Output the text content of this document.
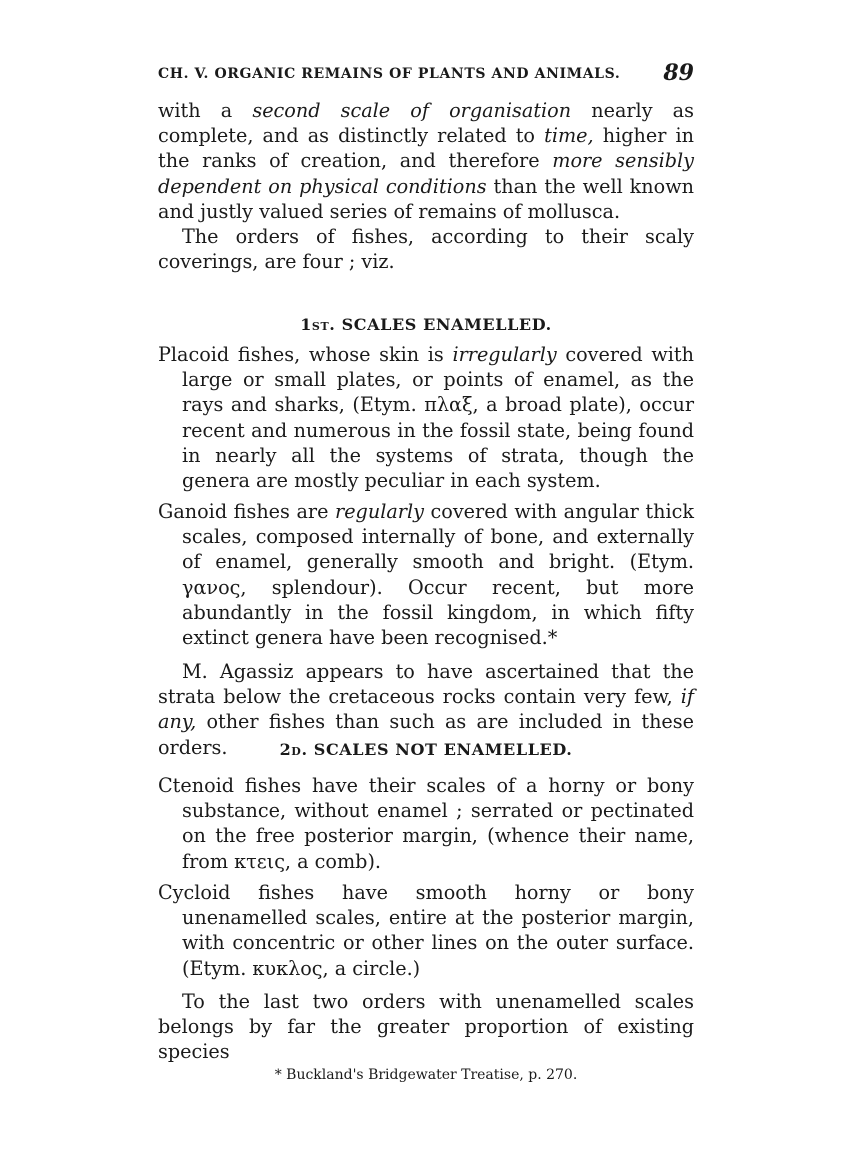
CH. V. ORGANIC REMAINS OF PLANTS AND ANIMALS. 89

with a second scale of organisation nearly as complete, and as distinctly related to time, higher in the ranks of creation, and therefore more sensibly dependent on physical conditions than the well known and justly valued series of remains of mollusca.

The orders of fishes, according to their scaly coverings, are four ; viz.

1st. SCALES ENAMELLED.

Placoid fishes, whose skin is irregularly covered with large or small plates, or points of enamel, as the rays and sharks, (Etym. πλαξ, a broad plate), occur recent and numerous in the fossil state, being found in nearly all the systems of strata, though the genera are mostly peculiar in each system.

Ganoid fishes are regularly covered with angular thick scales, composed internally of bone, and externally of enamel, generally smooth and bright. (Etym. γανος, splendour). Occur recent, but more abundantly in the fossil kingdom, in which fifty extinct genera have been recognised.*

M. Agassiz appears to have ascertained that the strata below the cretaceous rocks contain very few, if any, other fishes than such as are included in these orders.	2d. SCALES NOT ENAMELLED.

Ctenoid fishes have their scales of a horny or bony substance, without enamel ; serrated or pectinated on the free posterior margin, (whence their name, from κτεις, a comb).

Cycloid fishes have smooth horny or bony unenamelled scales, entire at the posterior margin, with concentric or other lines on the outer surface. (Etym. κυκλος, a circle.)

To the last two orders with unenamelled scales belongs by far the greater proportion of existing species

* Buckland's Bridgewater Treatise, p. 270.
